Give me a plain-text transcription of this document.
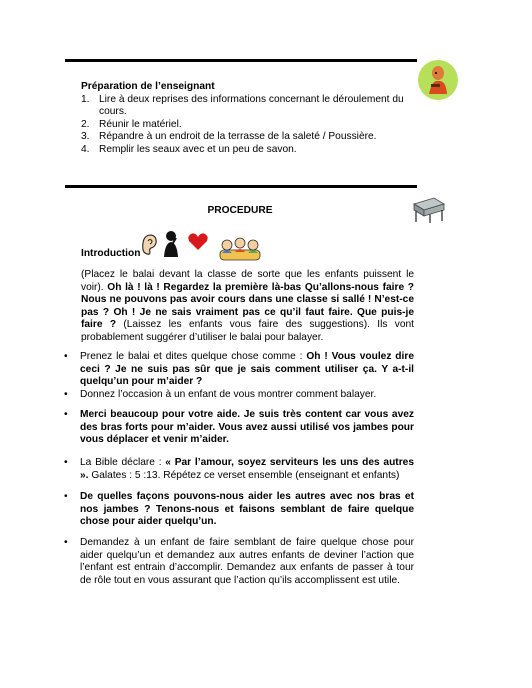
Préparation de l’enseignant
1. Lire à deux reprises des informations concernant le déroulement du
cours.
2. Réunir le matériel.
3. Répandre à un endroit de la terrasse de la saleté / Poussière.
4. Remplir les seaux avec et un peu de savon.
PROCEDURE
Introduction
(Placez le balai devant la classe de sorte que les enfants puissent le voir). Oh là ! là ! Regardez la première là-bas Qu’allons-nous faire ? Nous ne pouvons pas avoir cours dans une classe si sallé ! N’est-ce pas ? Oh ! Je ne sais vraiment pas ce qu’il faut faire. Que puis-je faire ? (Laissez les enfants vous faire des suggestions). Ils vont probablement suggérer d’utiliser le balai pour balayer.
• Prenez le balai et dites quelque chose comme : Oh ! Vous voulez dire ceci ? Je ne suis pas sûr que je sais comment utiliser ça. Y a-t-il quelqu’un pour m’aider ?
• Donnez l’occasion à un enfant de vous montrer comment balayer.
• Merci beaucoup pour votre aide. Je suis très content car vous avez des bras forts pour m’aider. Vous avez aussi utilisé vos jambes pour vous déplacer et venir m’aider.
• La Bible déclare : « Par l’amour, soyez serviteurs les uns des autres ». Galates : 5 :13. Répétez ce verset ensemble (enseignant et enfants)
• De quelles façons pouvons-nous aider les autres avec nos bras et nos jambes ? Tenons-nous et faisons semblant de faire quelque chose pour aider quelqu’un.
• Demandez à un enfant de faire semblant de faire quelque chose pour aider quelqu’un et demandez aux autres enfants de deviner l’action que l’enfant est entrain d’accomplir. Demandez aux enfants de passer à tour de rôle tout en vous assurant que l’action qu’ils accomplissent est utile.
